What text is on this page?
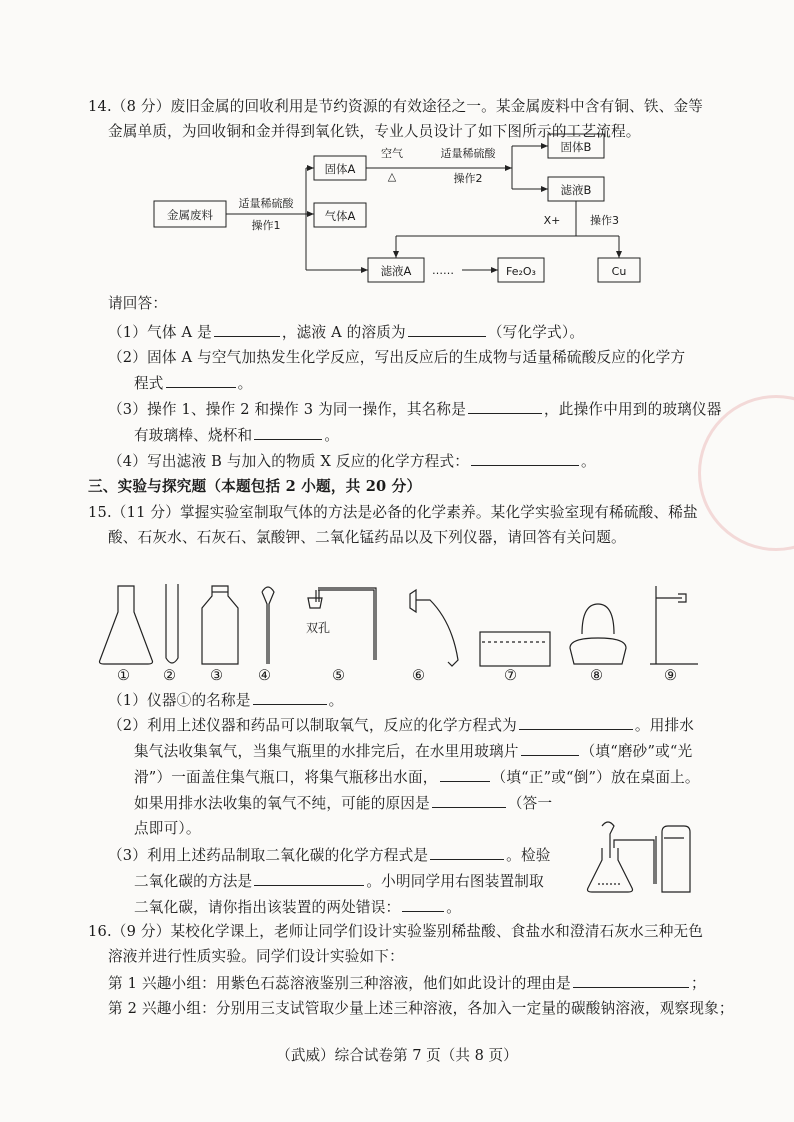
14.（8 分）废旧金属的回收利用是节约资源的有效途径之一。某金属废料中含有铜、铁、金等
金属单质，为回收铜和金并得到氧化铁，专业人员设计了如下图所示的工艺流程。
金属废料
固体A
气体A
固体B
滤液B
滤液A	Fe₂O₃	Cu
适量稀硫酸
操作1
空气
△
适量稀硫酸
操作2
X+	操作3
……
请回答：
（1）气体 A 是	，滤液 A 的溶质为	（写化学式）。
（2）固体 A 与空气加热发生化学反应，写出反应后的生成物与适量稀硫酸反应的化学方
程式	。
（3）操作 1、操作 2 和操作 3 为同一操作，其名称是	，此操作中用到的玻璃仪器
有玻璃棒、烧杯和	。
（4）写出滤液 B 与加入的物质 X 反应的化学方程式：	。
三、实验与探究题（本题包括 2 小题，共 20 分）
15.（11 分）掌握实验室制取气体的方法是必备的化学素养。某化学实验室现有稀硫酸、稀盐
酸、石灰水、石灰石、氯酸钾、二氧化锰药品以及下列仪器，请回答有关问题。
双孔
① ② ③ ④	⑤	⑥	⑦	⑧	⑨
（1）仪器①的名称是	。
（2）利用上述仪器和药品可以制取氧气，反应的化学方程式为	。用排水
集气法收集氧气，当集气瓶里的水排完后，在水里用玻璃片	（填“磨砂”或“光
滑”）一面盖住集气瓶口，将集气瓶移出水面，	（填“正”或“倒”）放在桌面上。
如果用排水法收集的氧气不纯，可能的原因是	（答一
点即可）。
（3）利用上述药品制取二氧化碳的化学方程式是	。检验
二氧化碳的方法是	。小明同学用右图装置制取
二氧化碳，请你指出该装置的两处错误：	。
16.（9 分）某校化学课上，老师让同学们设计实验鉴别稀盐酸、食盐水和澄清石灰水三种无色
溶液并进行性质实验。同学们设计实验如下：
第 1 兴趣小组：用紫色石蕊溶液鉴别三种溶液，他们如此设计的理由是	；
第 2 兴趣小组：分别用三支试管取少量上述三种溶液，各加入一定量的碳酸钠溶液，观察现象；
（武威）综合试卷第 7 页（共 8 页）
